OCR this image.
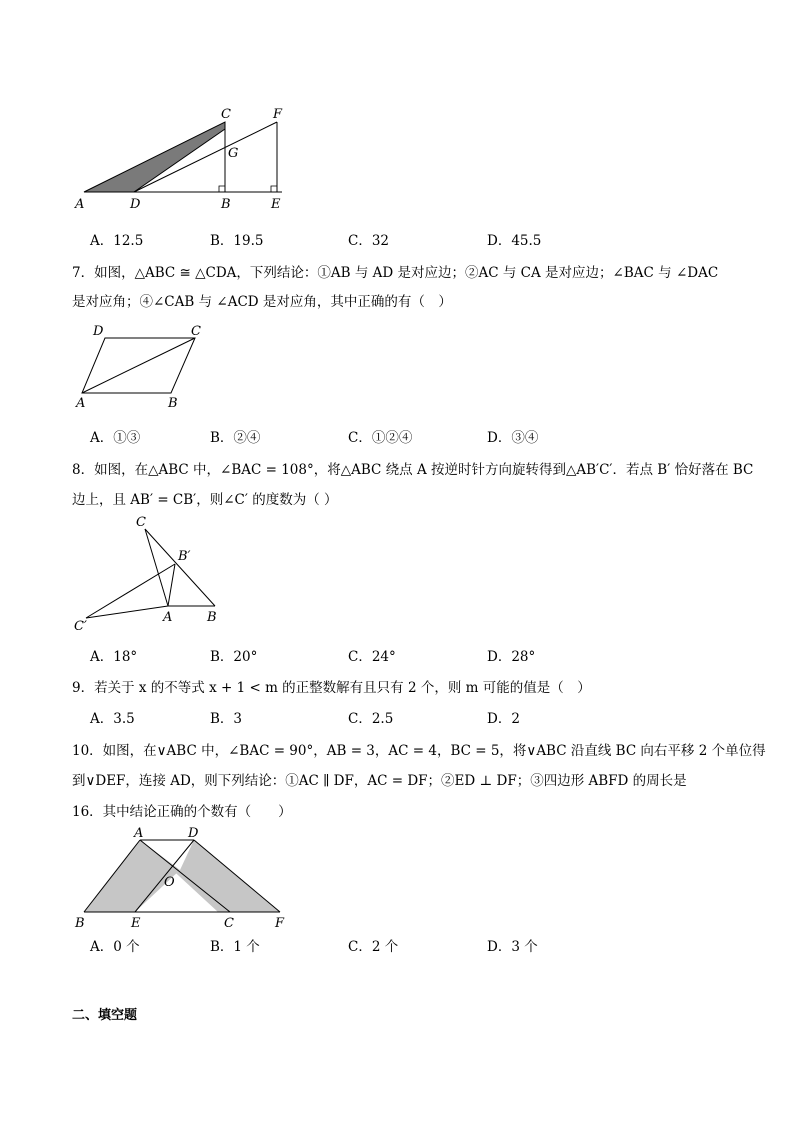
A	D	B	E
C	F
G
A．12.5	B．19.5	C．32	D．45.5
7．如图，△ABC ≅ △CDA，下列结论：①AB 与 AD 是对应边；②AC 与 CA 是对应边；∠BAC 与 ∠DAC
是对应角；④∠CAB 与 ∠ACD 是对应角，其中正确的有（　）
D	C
A	B
A．①③	B．②④	C．①②④	D．③④
8．如图，在△ABC 中，∠BAC = 108°，将△ABC 绕点 A 按逆时针方向旋转得到△AB′C′．若点 B′ 恰好落在 BC
边上，且 AB′ = CB′，则∠C′ 的度数为（ ）
C
B′
C′
A	B
A．18°	B．20°	C．24°	D．28°
9．若关于 x 的不等式 x + 1 < m 的正整数解有且只有 2 个，则 m 可能的值是（　）
A．3.5	B．3	C．2.5	D．2
10．如图，在∨ABC 中，∠BAC = 90°，AB = 3，AC = 4，BC = 5，将∨ABC 沿直线 BC 向右平移 2 个单位得
到∨DEF，连接 AD，则下列结论：①AC ∥ DF，AC = DF；②ED ⊥ DF；③四边形 ABFD 的周长是
16．其中结论正确的个数有（　　）
A	D
O
B	E	C	F
A．0 个	B．1 个	C．2 个	D．3 个
二、填空题
